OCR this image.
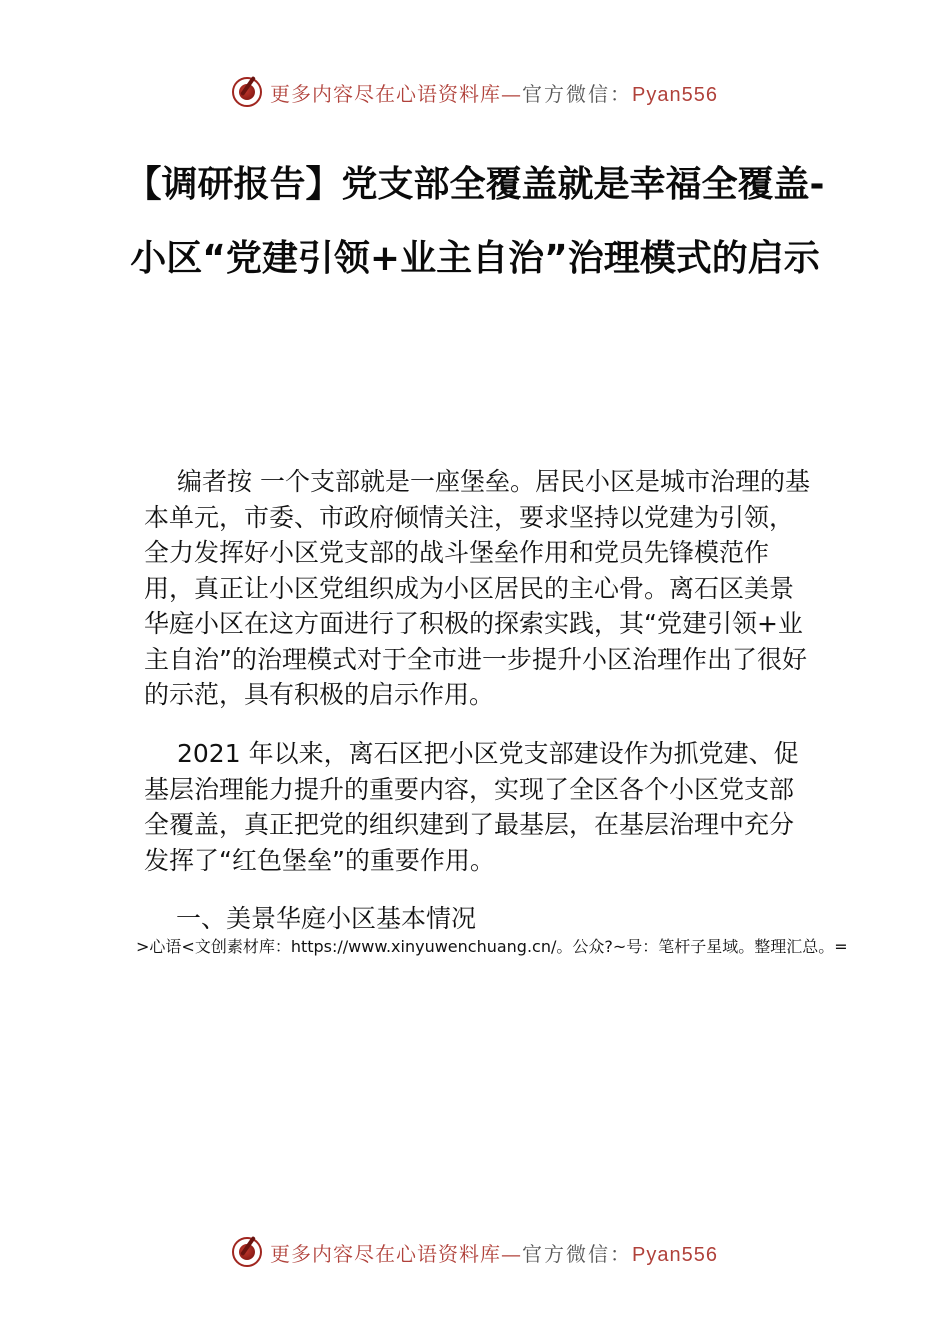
更多内容尽在心语资料库—官方微信：Pyan556
【调研报告】党支部全覆盖就是幸福全覆盖-小区“党建引领+业主自治”治理模式的启示

编者按 一个支部就是一座堡垒。居民小区是城市治理的基本单元，市委、市政府倾情关注，要求坚持以党建为引领，全力发挥好小区党支部的战斗堡垒作用和党员先锋模范作用，真正让小区党组织成为小区居民的主心骨。离石区美景华庭小区在这方面进行了积极的探索实践，其“党建引领+业主自治”的治理模式对于全市进一步提升小区治理作出了很好的示范，具有积极的启示作用。

2021 年以来，离石区把小区党支部建设作为抓党建、促基层治理能力提升的重要内容，实现了全区各个小区党支部全覆盖，真正把党的组织建到了最基层，在基层治理中充分发挥了“红色堡垒”的重要作用。

一、美景华庭小区基本情况
>心语<文创素材库：https://www.xinyuwenchuang.cn/。公众?~号：笔杆子星域。整理汇总。=
更多内容尽在心语资料库—官方微信：Pyan556
